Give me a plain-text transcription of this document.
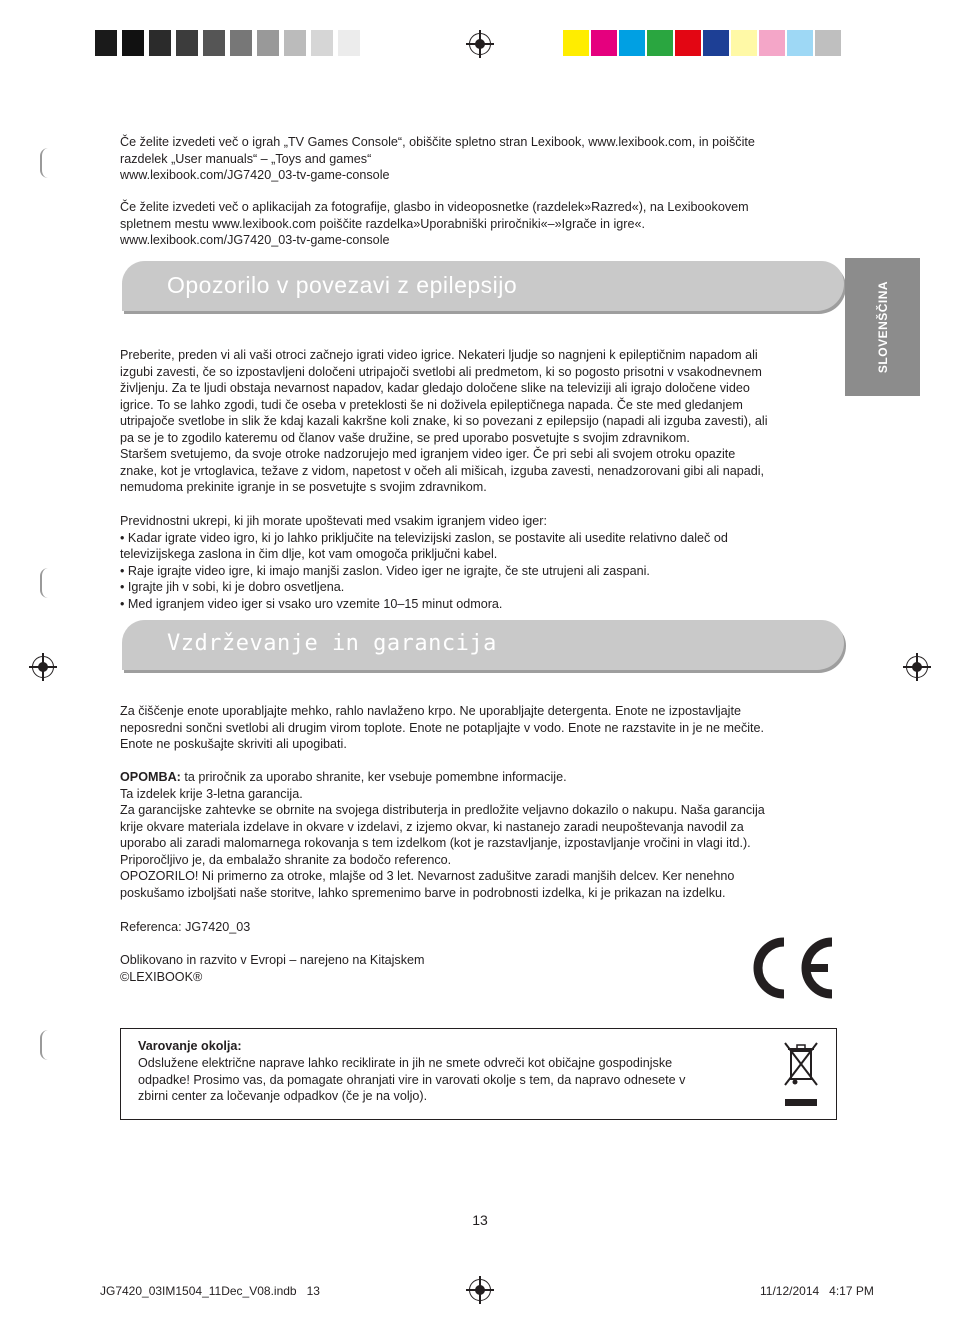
Če želite izvedeti več o igrah „TV Games Console“, obiščite spletno stran Lexibook, www.lexibook.com, in poiščite
razdelek „User manuals“ – „Toys and games“
www.lexibook.com/JG7420_03-tv-game-console

Če želite izvedeti več o aplikacijah za fotografije, glasbo in videoposnetke (razdelek»Razred«), na Lexibookovem
spletnem mestu www.lexibook.com poiščite razdelka»Uporabniški priročniki«–»Igrače in igre«.
www.lexibook.com/JG7420_03-tv-game-console

Opozorilo v povezavi z epilepsijo	SLOVENŠČINA

Preberite, preden vi ali vaši otroci začnejo igrati video igrice. Nekateri ljudje so nagnjeni k epileptičnim napadom ali
izgubi zavesti, če so izpostavljeni določeni utripajoči svetlobi ali predmetom, ki so pogosto prisotni v vsakodnevnem
življenju. Za te ljudi obstaja nevarnost napadov, kadar gledajo določene slike na televiziji ali igrajo določene video
igrice. To se lahko zgodi, tudi če oseba v preteklosti še ni doživela epileptičnega napada. Če ste med gledanjem
utripajoče svetlobe in slik že kdaj kazali kakršne koli znake, ki so povezani z epilepsijo (napadi ali izguba zavesti), ali
pa se je to zgodilo kateremu od članov vaše družine, se pred uporabo posvetujte s svojim zdravnikom.
Staršem svetujemo, da svoje otroke nadzorujejo med igranjem video iger. Če pri sebi ali svojem otroku opazite
znake, kot je vrtoglavica, težave z vidom, napetost v očeh ali mišicah, izguba zavesti, nenadzorovani gibi ali napadi,
nemudoma prekinite igranje in se posvetujte s svojim zdravnikom.

Previdnostni ukrepi, ki jih morate upoštevati med vsakim igranjem video iger:
• Kadar igrate video igro, ki jo lahko priključite na televizijski zaslon, se postavite ali usedite relativno daleč od
televizijskega zaslona in čim dlje, kot vam omogoča priključni kabel.
• Raje igrajte video igre, ki imajo manjši zaslon. Video iger ne igrajte, če ste utrujeni ali zaspani.
• Igrajte jih v sobi, ki je dobro osvetljena.
• Med igranjem video iger si vsako uro vzemite 10–15 minut odmora.

Vzdrževanje in garancija

Za čiščenje enote uporabljajte mehko, rahlo navlaženo krpo. Ne uporabljajte detergenta. Enote ne izpostavljajte
neposredni sončni svetlobi ali drugim virom toplote. Enote ne potapljajte v vodo. Enote ne razstavite in je ne mečite.
Enote ne poskušajte skriviti ali upogibati.

OPOMBA: ta priročnik za uporabo shranite, ker vsebuje pomembne informacije.
Ta izdelek krije 3-letna garancija.
Za garancijske zahtevke se obrnite na svojega distributerja in predložite veljavno dokazilo o nakupu. Naša garancija
krije okvare materiala izdelave in okvare v izdelavi, z izjemo okvar, ki nastanejo zaradi neupoštevanja navodil za
uporabo ali zaradi malomarnega rokovanja s tem izdelkom (kot je razstavljanje, izpostavljanje vročini in vlagi itd.).
Priporočljivo je, da embalažo shranite za bodočo referenco.
OPOZORILO! Ni primerno za otroke, mlajše od 3 let. Nevarnost zadušitve zaradi manjših delcev. Ker nenehno
poskušamo izboljšati naše storitve, lahko spremenimo barve in podrobnosti izdelka, ki je prikazan na izdelku.

Referenca: JG7420_03

Oblikovano in razvito v Evropi – narejeno na Kitajskem
©LEXIBOOK®

Varovanje okolja:

Odslužene električne naprave lahko reciklirate in jih ne smete odvreči kot običajne gospodinjske
odpadke! Prosimo vas, da pomagate ohranjati vire in varovati okolje s tem, da napravo odnesete v
zbirni center za ločevanje odpadkov (če je na voljo).

13
JG7420_03IM1504_11Dec_V08.indb   13	11/12/2014   4:17 PM
